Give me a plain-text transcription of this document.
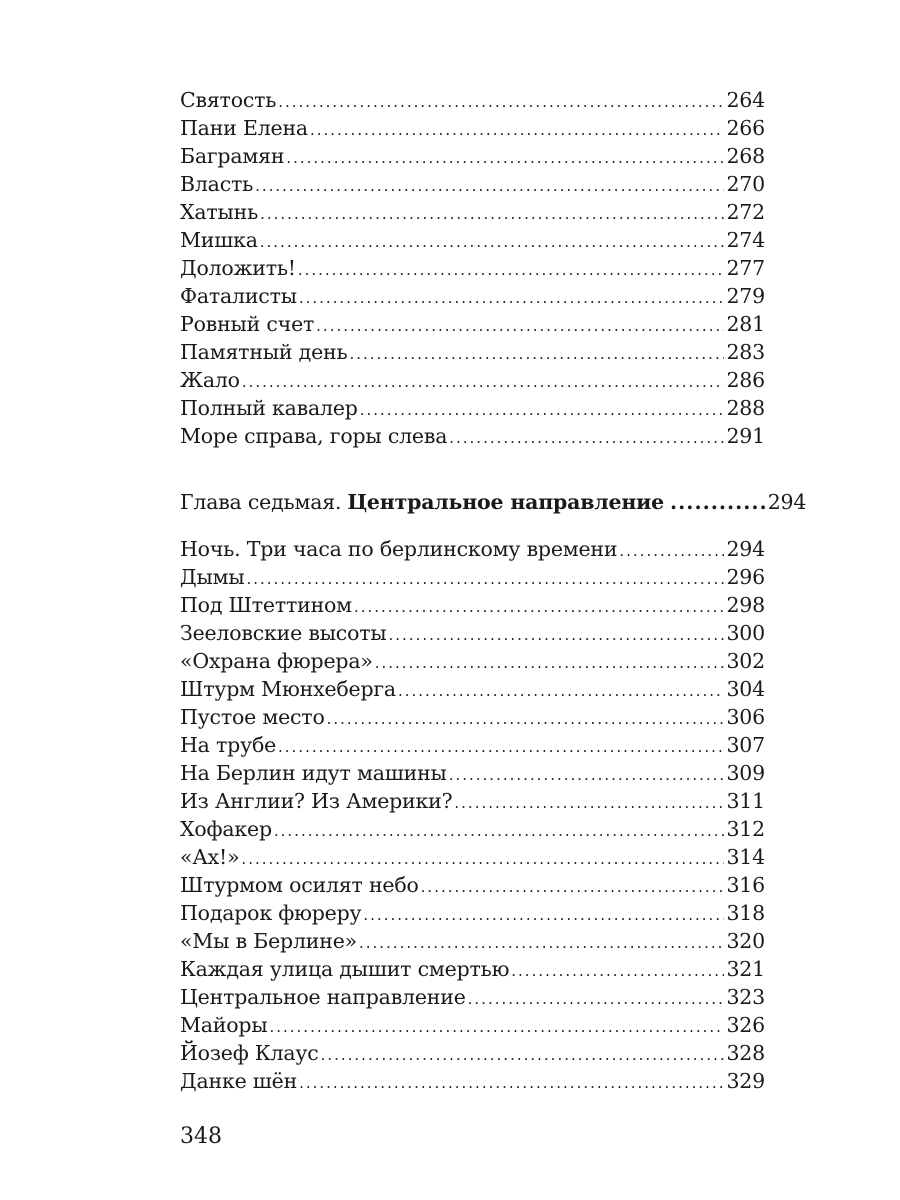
Святость .....	264
Пани Елена .....	266
Баграмян .....	268
Власть .....	270
Хатынь .....	272
Мишка .....	274
Доложить! .....	277
Фаталисты .....	279
Ровный счет .....	281
Памятный день .....	283
Жало .....	286
Полный кавалер .....	288
Море справа, горы слева .....	291
Глава седьмая. Центральное направление ............ 294
Ночь. Три часа по берлинскому времени .....	294
Дымы .....	296
Под Штеттином .....	298
Зееловские высоты .....	300
«Охрана фюрера» .....	302
Штурм Мюнхеберга .....	304
Пустое место .....	306
На трубе .....	307
На Берлин идут машины .....	309
Из Англии? Из Америки? .....	311
Хофакер .....	312
«Ах!» .....	314
Штурмом осилят небо .....	316
Подарок фюреру .....	318
«Мы в Берлине» .....	320
Каждая улица дышит смертью .....	321
Центральное направление .....	323
Майоры .....	326
Йозеф Клаус .....	328
Данке шён .....	329
348
